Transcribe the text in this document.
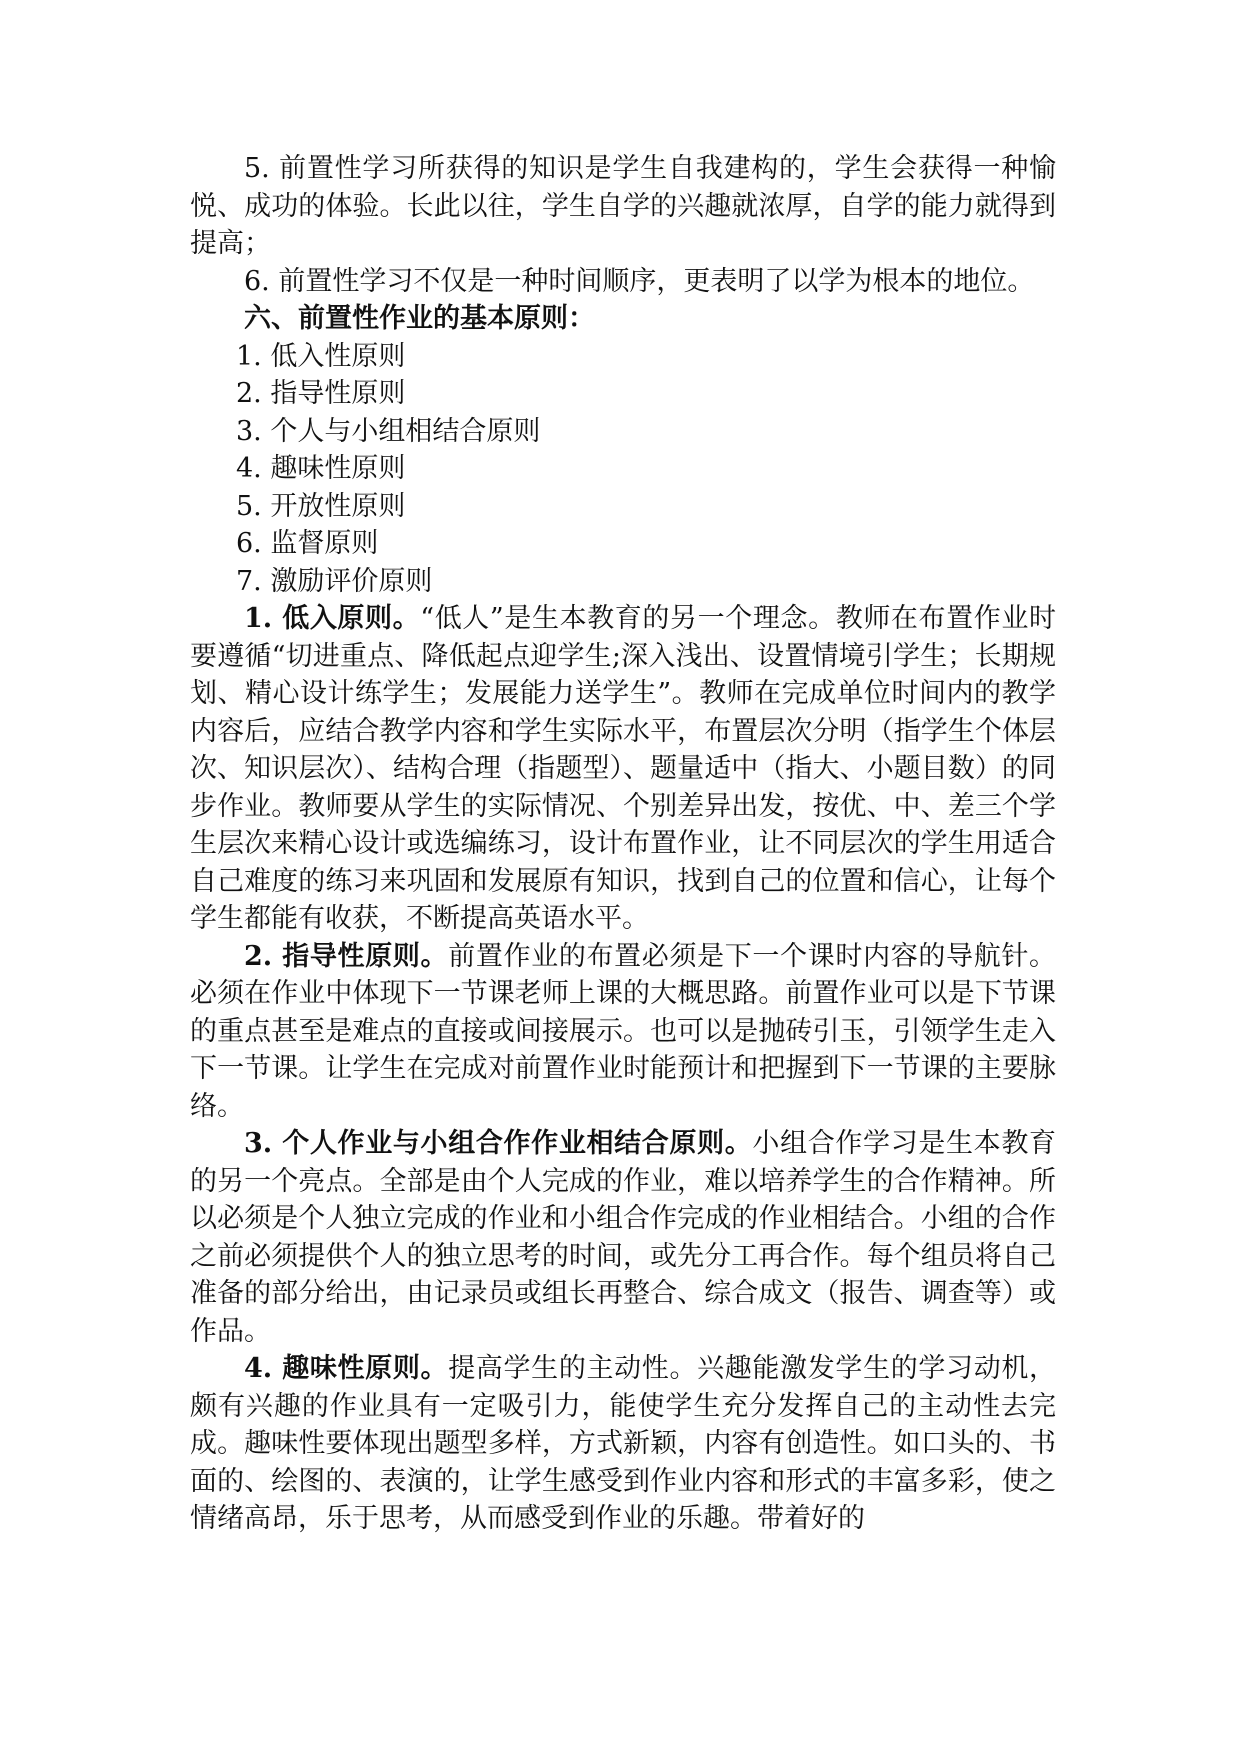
5. 前置性学习所获得的知识是学生自我建构的，学生会获得一种愉悦、成功的体验。长此以往，学生自学的兴趣就浓厚，自学的能力就得到提高；

6. 前置性学习不仅是一种时间顺序，更表明了以学为根本的地位。

六、前置性作业的基本原则：

1. 低入性原则
2. 指导性原则
3. 个人与小组相结合原则
4. 趣味性原则
5. 开放性原则
6. 监督原则
7. 激励评价原则

1. 低入原则。“低人”是生本教育的另一个理念。教师在布置作业时要遵循“切进重点、降低起点迎学生;深入浅出、设置情境引学生；长期规划、精心设计练学生；发展能力送学生”。教师在完成单位时间内的教学内容后，应结合教学内容和学生实际水平，布置层次分明（指学生个体层次、知识层次）、结构合理（指题型）、题量适中（指大、小题目数）的同步作业。教师要从学生的实际情况、个别差异出发，按优、中、差三个学生层次来精心设计或选编练习，设计布置作业，让不同层次的学生用适合自己难度的练习来巩固和发展原有知识，找到自己的位置和信心，让每个学生都能有收获，不断提高英语水平。

2. 指导性原则。前置作业的布置必须是下一个课时内容的导航针。必须在作业中体现下一节课老师上课的大概思路。前置作业可以是下节课的重点甚至是难点的直接或间接展示。也可以是抛砖引玉，引领学生走入下一节课。让学生在完成对前置作业时能预计和把握到下一节课的主要脉络。

3. 个人作业与小组合作作业相结合原则。小组合作学习是生本教育的另一个亮点。全部是由个人完成的作业，难以培养学生的合作精神。所以必须是个人独立完成的作业和小组合作完成的作业相结合。小组的合作之前必须提供个人的独立思考的时间，或先分工再合作。每个组员将自己准备的部分给出，由记录员或组长再整合、综合成文（报告、调查等）或作品。

4. 趣味性原则。提高学生的主动性。兴趣能激发学生的学习动机，颇有兴趣的作业具有一定吸引力，能使学生充分发挥自己的主动性去完成。趣味性要体现出题型多样，方式新颖，内容有创造性。如口头的、书面的、绘图的、表演的，让学生感受到作业内容和形式的丰富多彩，使之情绪高昂，乐于思考，从而感受到作业的乐趣。带着好的
